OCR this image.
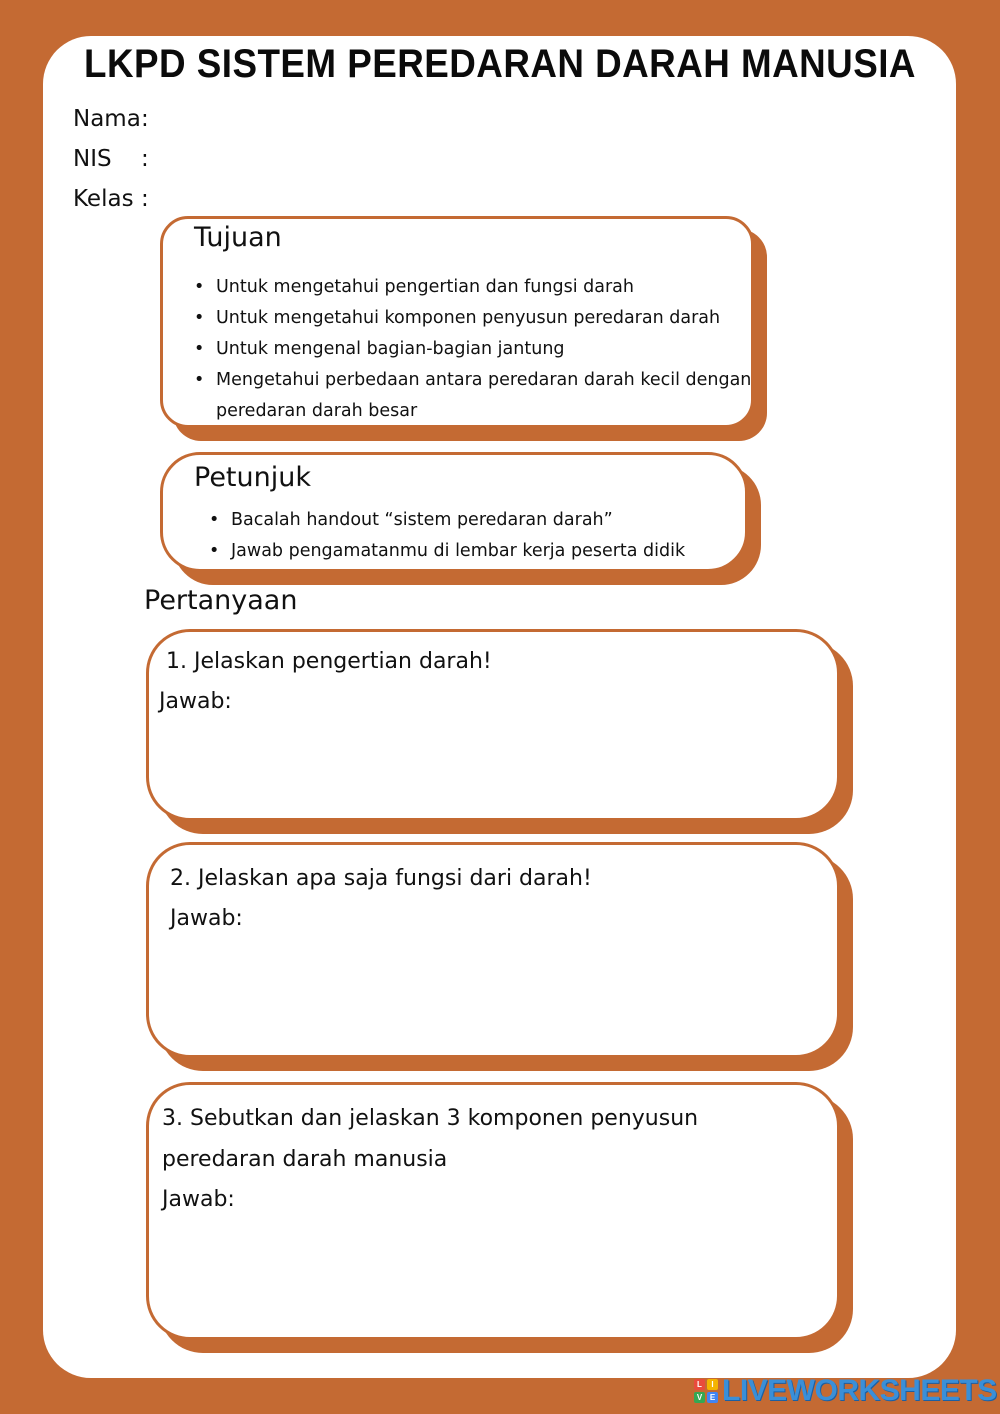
LKPD SISTEM PEREDARAN DARAH MANUSIA
Nama :
NIS :
Kelas :
Tujuan
• Untuk mengetahui pengertian dan fungsi darah
• Untuk mengetahui komponen penyusun peredaran darah
• Untuk mengenal bagian-bagian jantung
• Mengetahui perbedaan antara peredaran darah kecil dengan peredaran darah besar
Petunjuk
• Bacalah handout “sistem peredaran darah”
• Jawab pengamatanmu di lembar kerja peserta didik
Pertanyaan
1. Jelaskan pengertian darah!
Jawab:
2. Jelaskan apa saja fungsi dari darah!
Jawab:
3. Sebutkan dan jelaskan 3 komponen penyusun peredaran darah manusia
Jawab:
L	I
V E LIVEWORKSHEETS
